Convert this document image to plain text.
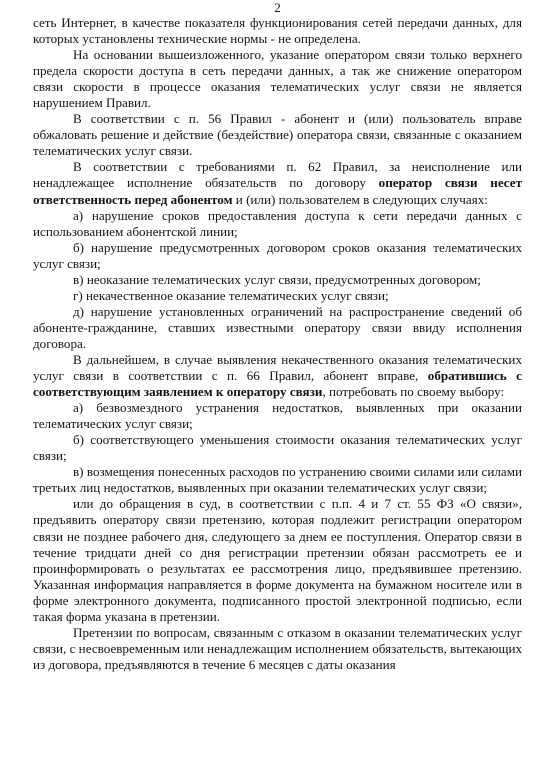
2

сеть Интернет, в качестве показателя функционирования сетей передачи данных, для которых установлены технические нормы - не определена.

На основании вышеизложенного, указание оператором связи только верхнего предела скорости доступа в сеть передачи данных, а так же снижение оператором связи скорости в процессе оказания телематических услуг связи не является нарушением Правил.

В соответствии с п. 56 Правил - абонент и (или) пользователь вправе обжаловать решение и действие (бездействие) оператора связи, связанные с оказанием телематических услуг связи.

В соответствии с требованиями п. 62 Правил, за неисполнение или ненадлежащее исполнение обязательств по договору оператор связи несет ответственность перед абонентом и (или) пользователем в следующих случаях:

а) нарушение сроков предоставления доступа к сети передачи данных с использованием абонентской линии;

б) нарушение предусмотренных договором сроков оказания телематических услуг связи;

в) неоказание телематических услуг связи, предусмотренных договором;

г) некачественное оказание телематических услуг связи;

д) нарушение установленных ограничений на распространение сведений об абоненте-гражданине, ставших известными оператору связи ввиду исполнения договора.

В дальнейшем, в случае выявления некачественного оказания телематических услуг связи в соответствии с п. 66 Правил, абонент вправе, обратившись с соответствующим заявлением к оператору связи, потребовать по своему выбору:

а) безвозмездного устранения недостатков, выявленных при оказании телематических услуг связи;

б) соответствующего уменьшения стоимости оказания телематических услуг связи;

в) возмещения понесенных расходов по устранению своими силами или силами третьих лиц недостатков, выявленных при оказании телематических услуг связи;

или до обращения в суд, в соответствии с п.п. 4 и 7 ст. 55 ФЗ «О связи», предъявить оператору связи претензию, которая подлежит регистрации оператором связи не позднее рабочего дня, следующего за днем ее поступления. Оператор связи в течение тридцати дней со дня регистрации претензии обязан рассмотреть ее и проинформировать о результатах ее рассмотрения лицо, предъявившее претензию. Указанная информация направляется в форме документа на бумажном носителе или в форме электронного документа, подписанного простой электронной подписью, если такая форма указана в претензии.

Претензии по вопросам, связанным с отказом в оказании телематических услуг связи, с несвоевременным или ненадлежащим исполнением обязательств, вытекающих из договора, предъявляются в течение 6 месяцев с даты оказания
